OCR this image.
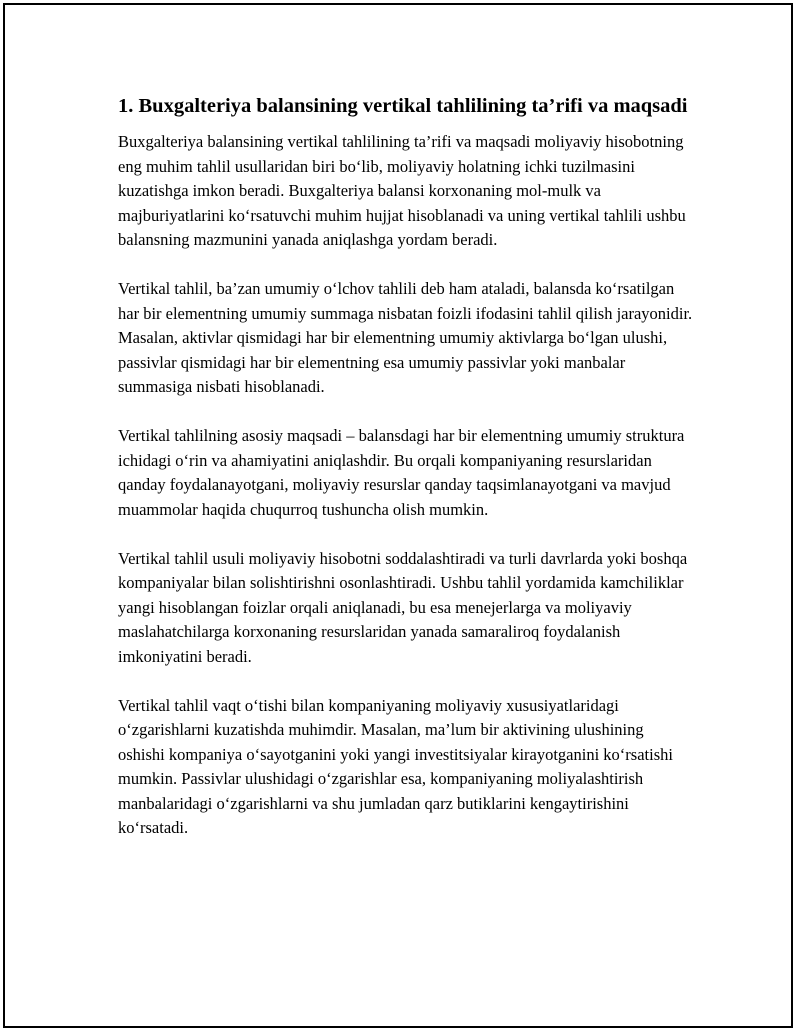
1. Buxgalteriya balansining vertikal tahlilining ta’rifi va maqsadi

Buxgalteriya balansining vertikal tahlilining ta’rifi va maqsadi moliyaviy hisobotning eng muhim tahlil usullaridan biri bo‘lib, moliyaviy holatning ichki tuzilmasini kuzatishga imkon beradi. Buxgalteriya balansi korxonaning mol-mulk va majburiyatlarini ko‘rsatuvchi muhim hujjat hisoblanadi va uning vertikal tahlili ushbu balansning mazmunini yanada aniqlashga yordam beradi.

Vertikal tahlil, ba’zan umumiy o‘lchov tahlili deb ham ataladi, balansda ko‘rsatilgan har bir elementning umumiy summaga nisbatan foizli ifodasini tahlil qilish jarayonidir. Masalan, aktivlar qismidagi har bir elementning umumiy aktivlarga bo‘lgan ulushi, passivlar qismidagi har bir elementning esa umumiy passivlar yoki manbalar summasiga nisbati hisoblanadi.

Vertikal tahlilning asosiy maqsadi – balansdagi har bir elementning umumiy struktura ichidagi o‘rin va ahamiyatini aniqlashdir. Bu orqali kompaniyaning resurslaridan qanday foydalanayotgani, moliyaviy resurslar qanday taqsimlanayotgani va mavjud muammolar haqida chuqurroq tushuncha olish mumkin.

Vertikal tahlil usuli moliyaviy hisobotni soddalashtiradi va turli davrlarda yoki boshqa kompaniyalar bilan solishtirishni osonlashtiradi. Ushbu tahlil yordamida kamchiliklar yangi hisoblangan foizlar orqali aniqlanadi, bu esa menejerlarga va moliyaviy maslahatchilarga korxonaning resurslaridan yanada samaraliroq foydalanish imkoniyatini beradi.

Vertikal tahlil vaqt o‘tishi bilan kompaniyaning moliyaviy xususiyatlaridagi o‘zgarishlarni kuzatishda muhimdir. Masalan, ma’lum bir aktivining ulushining oshishi kompaniya o‘sayotganini yoki yangi investitsiyalar kirayotganini ko‘rsatishi mumkin. Passivlar ulushidagi o‘zgarishlar esa, kompaniyaning moliyalashtirish manbalaridagi o‘zgarishlarni va shu jumladan qarz butiklarini kengaytirishini ko‘rsatadi.
